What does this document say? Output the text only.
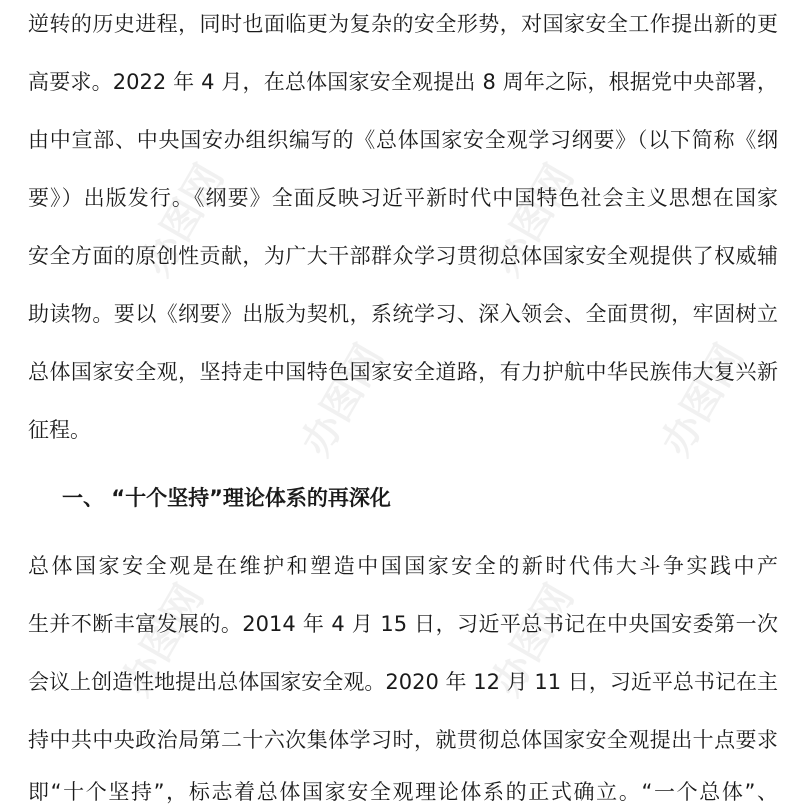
办图网	办图网
办图网	办图网
办图网	办图网
逆转的历史进程，同时也面临更为复杂的安全形势，对国家安全工作提出新的更
高要求。2022 年 4 月，在总体国家安全观提出 8 周年之际，根据党中央部署，
由中宣部、中央国安办组织编写的《总体国家安全观学习纲要》（以下简称《纲
要》）出版发行。《纲要》全面反映习近平新时代中国特色社会主义思想在国家
安全方面的原创性贡献，为广大干部群众学习贯彻总体国家安全观提供了权威辅
助读物。要以《纲要》出版为契机，系统学习、深入领会、全面贯彻，牢固树立
总体国家安全观，坚持走中国特色国家安全道路，有力护航中华民族伟大复兴新
征程。
一、 “十个坚持”理论体系的再深化
总体国家安全观是在维护和塑造中国国家安全的新时代伟大斗争实践中产
生并不断丰富发展的。2014 年 4 月 15 日，习近平总书记在中央国安委第一次
会议上创造性地提出总体国家安全观。2020 年 12 月 11 日，习近平总书记在主
持中共中央政治局第二十六次集体学习时，就贯彻总体国家安全观提出十点要求
即“十个坚持”，标志着总体国家安全观理论体系的正式确立。“一个总体”、
